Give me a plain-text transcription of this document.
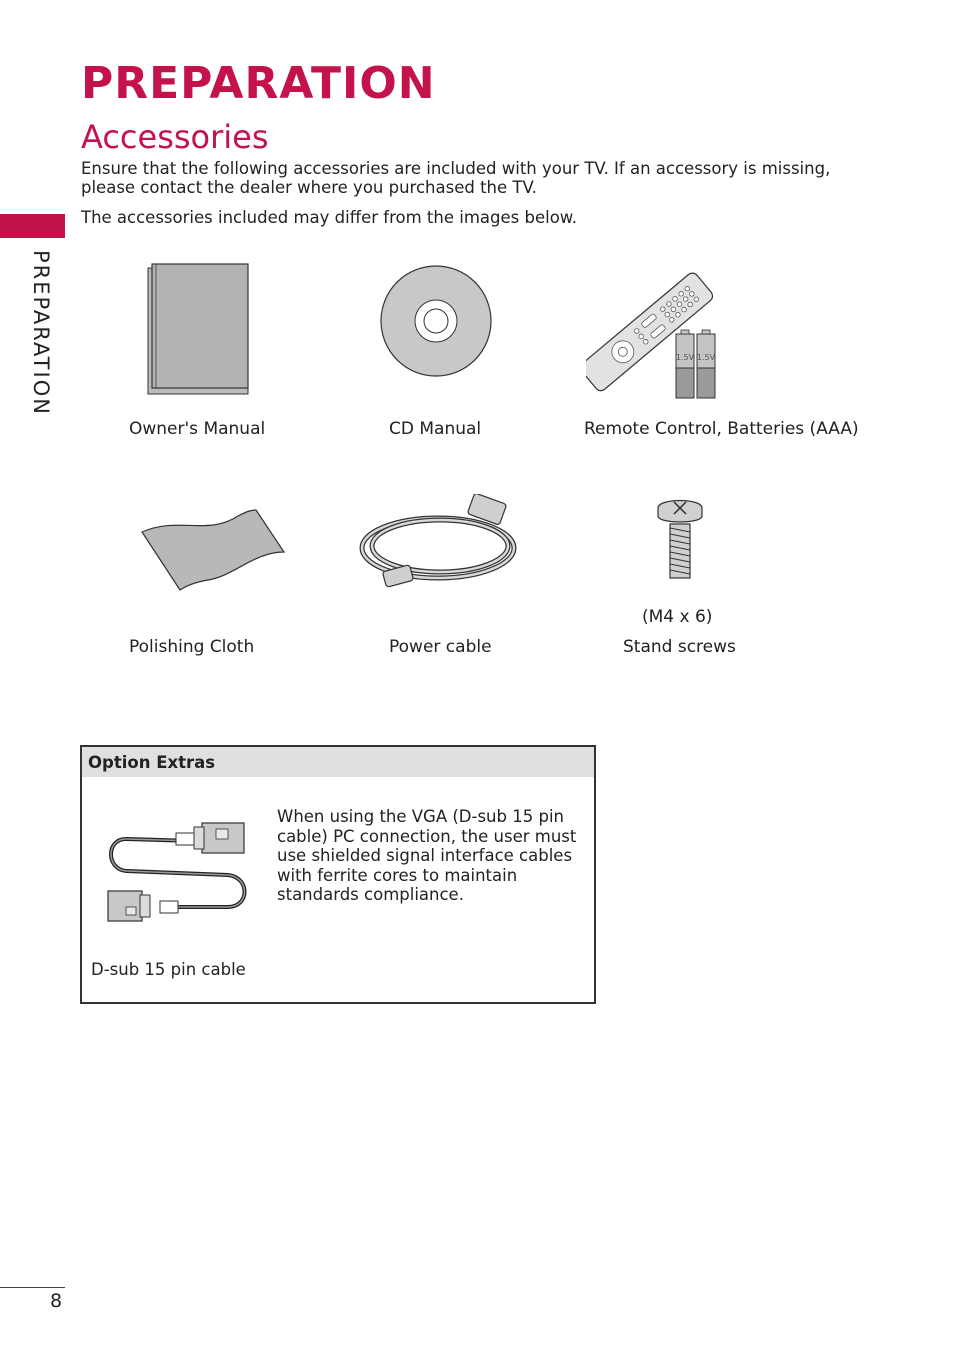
PREPARATION
Accessories

Ensure that the following accessories are included with your TV. If an accessory is missing, please contact the dealer where you purchased the TV.

The accessories included may differ from the images below.

PREPARATION
Owner's Manual	CD Manual
1.5V 1.5V
Remote Control, Batteries (AAA)
Polishing Cloth	Power cable
(M4 x 6)
Stand screws
Option Extras

When using the VGA (D-sub 15 pin cable) PC connection, the user must use shielded signal interface cables with ferrite cores to maintain standards compliance.

D-sub 15 pin cable
8
